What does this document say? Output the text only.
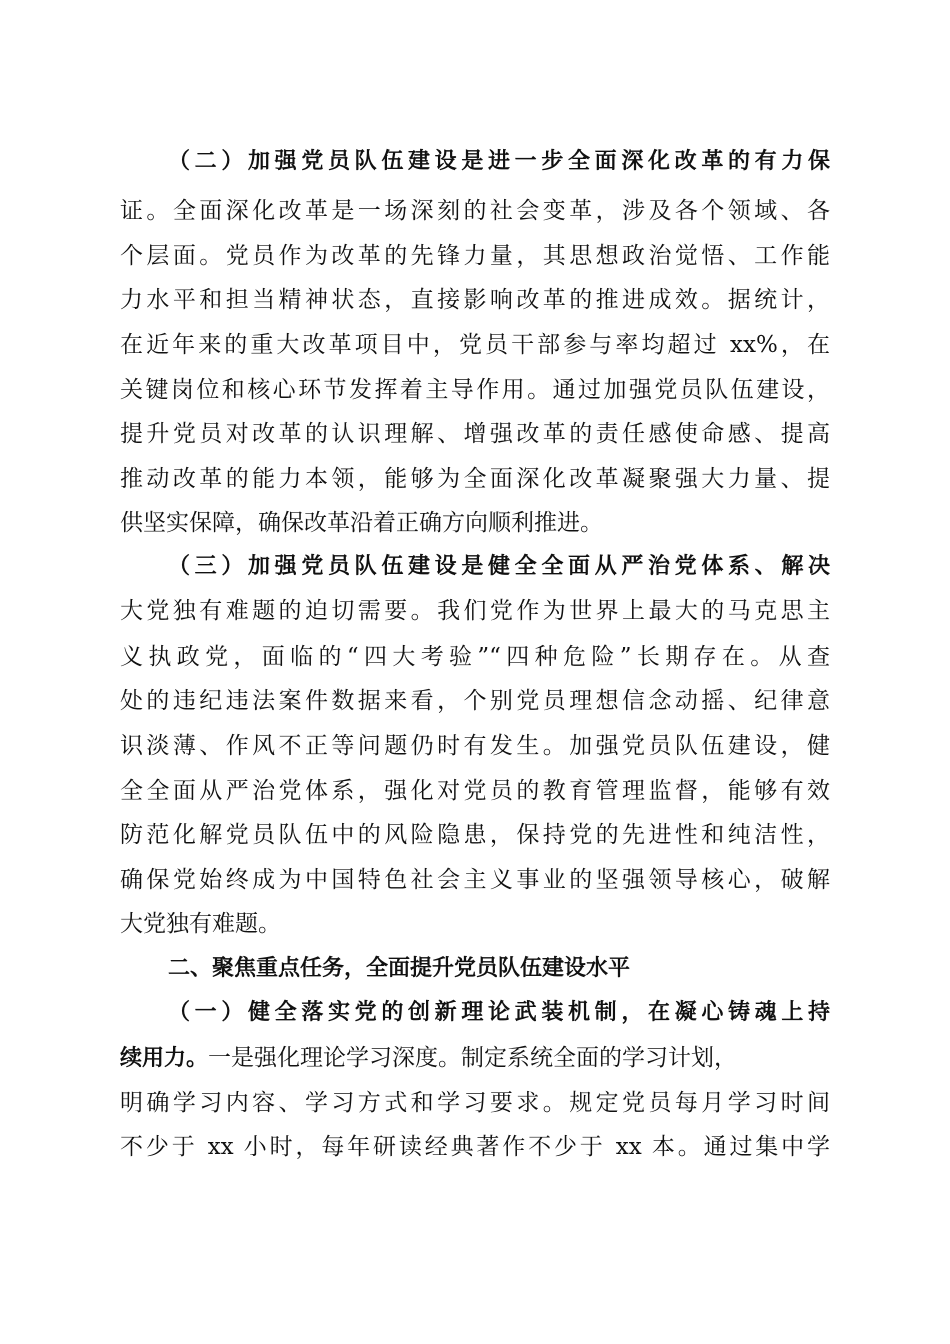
（二）加强党员队伍建设是进一步全面深化改革的有力保
证。全面深化改革是一场深刻的社会变革，涉及各个领域、各
个层面。党员作为改革的先锋力量，其思想政治觉悟、工作能
力水平和担当精神状态，直接影响改革的推进成效。据统计，
在近年来的重大改革项目中，党员干部参与率均超过 xx%，在
关键岗位和核心环节发挥着主导作用。通过加强党员队伍建设，
提升党员对改革的认识理解、增强改革的责任感使命感、提高
推动改革的能力本领，能够为全面深化改革凝聚强大力量、提
供坚实保障，确保改革沿着正确方向顺利推进。
（三）加强党员队伍建设是健全全面从严治党体系、解决
大党独有难题的迫切需要。我们党作为世界上最大的马克思主
义执政党，面临的“四大考验”“四种危险”长期存在。从查
处的违纪违法案件数据来看，个别党员理想信念动摇、纪律意
识淡薄、作风不正等问题仍时有发生。加强党员队伍建设，健
全全面从严治党体系，强化对党员的教育管理监督，能够有效
防范化解党员队伍中的风险隐患，保持党的先进性和纯洁性，
确保党始终成为中国特色社会主义事业的坚强领导核心，破解
大党独有难题。
二、聚焦重点任务，全面提升党员队伍建设水平
（一）健全落实党的创新理论武装机制，在凝心铸魂上持
续用力。一是强化理论学习深度。制定系统全面的学习计划，
明确学习内容、学习方式和学习要求。规定党员每月学习时间
不少于 xx 小时，每年研读经典著作不少于 xx 本。通过集中学
